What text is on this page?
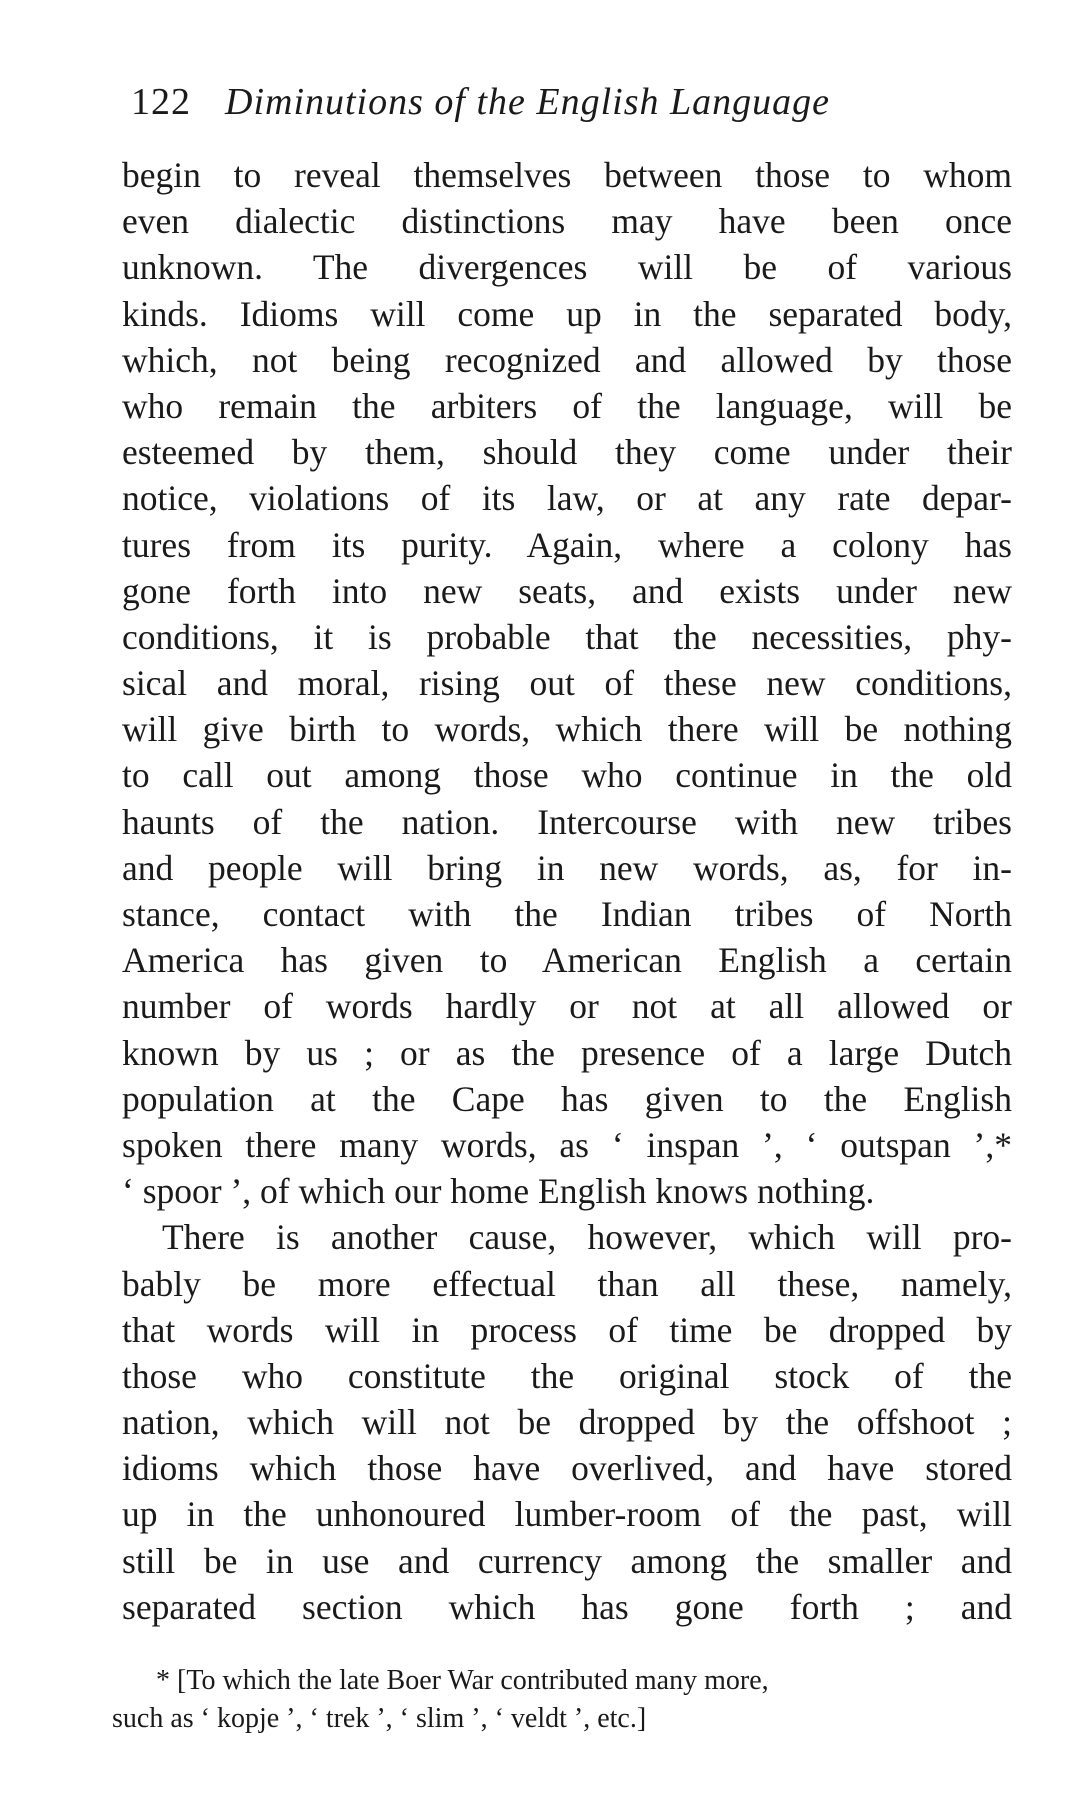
122 Diminutions of the English Language
begin to reveal themselves between those to whom
even dialectic distinctions may have been once
unknown. The divergences will be of various
kinds. Idioms will come up in the separated body,
which, not being recognized and allowed by those
who remain the arbiters of the language, will be
esteemed by them, should they come under their
notice, violations of its law, or at any rate depar-
tures from its purity. Again, where a colony has
gone forth into new seats, and exists under new
conditions, it is probable that the necessities, phy-
sical and moral, rising out of these new conditions,
will give birth to words, which there will be nothing
to call out among those who continue in the old
haunts of the nation. Intercourse with new tribes
and people will bring in new words, as, for in-
stance, contact with the Indian tribes of North
America has given to American English a certain
number of words hardly or not at all allowed or
known by us ; or as the presence of a large Dutch
population at the Cape has given to the English
spoken there many words, as ‘ inspan ’, ‘ outspan ’,*
‘ spoor ’, of which our home English knows nothing.
There is another cause, however, which will pro-
bably be more effectual than all these, namely,
that words will in process of time be dropped by
those who constitute the original stock of the
nation, which will not be dropped by the offshoot ;
idioms which those have overlived, and have stored
up in the unhonoured lumber-room of the past, will
still be in use and currency among the smaller and
separated section which has gone forth ; and
* [To which the late Boer War contributed many more,
such as ‘ kopje ’, ‘ trek ’, ‘ slim ’, ‘ veldt ’, etc.]
